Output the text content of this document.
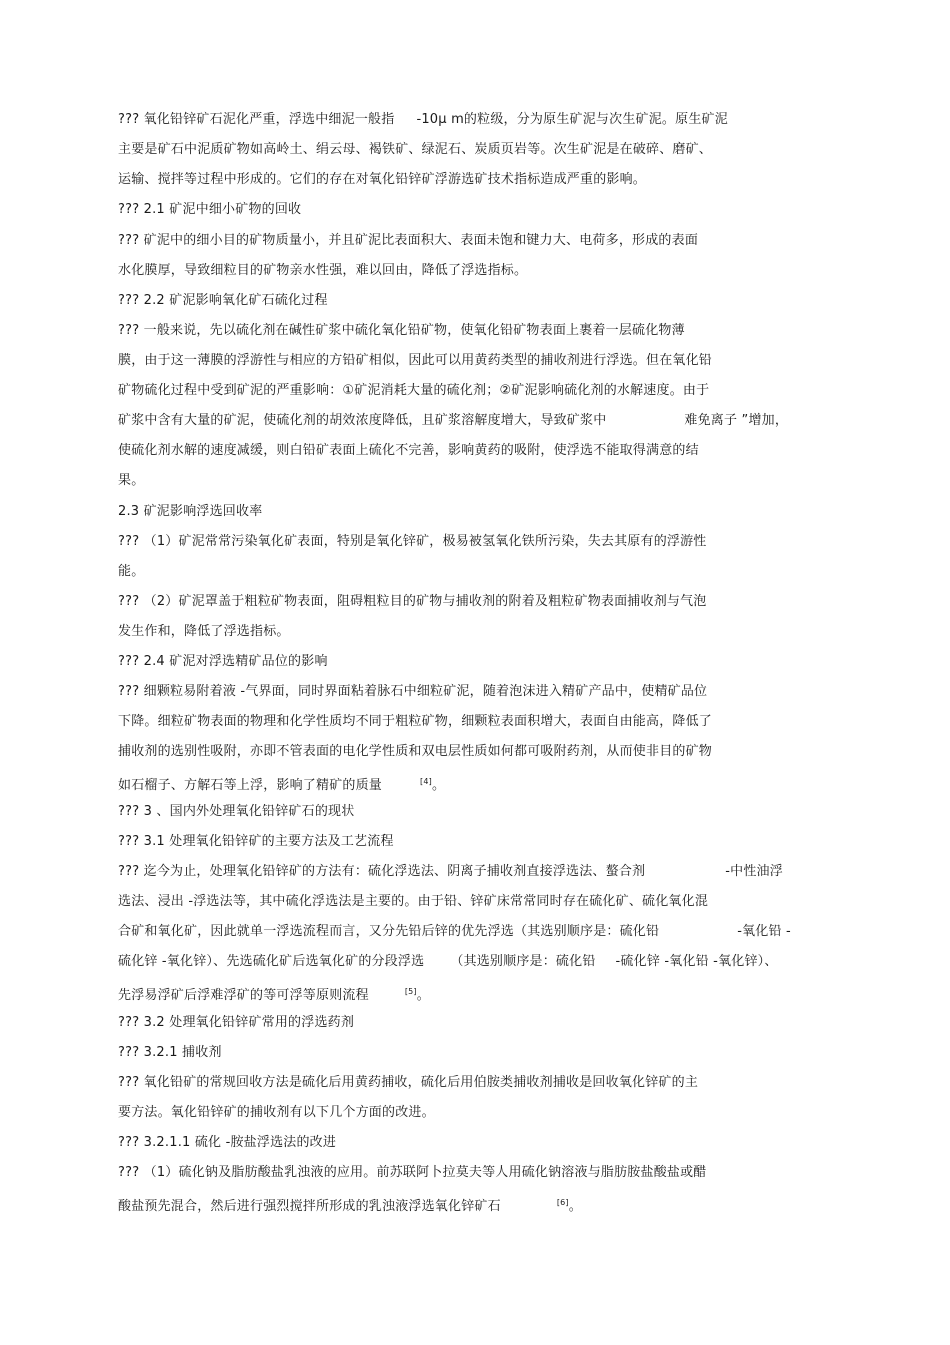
??? 氧化铅锌矿石泥化严重，浮选中细泥一般指 -10μ m的粒级，分为原生矿泥与次生矿泥。原生矿泥
主要是矿石中泥质矿物如高岭土、绢云母、褐铁矿、绿泥石、炭质页岩等。次生矿泥是在破碎、磨矿、
运输、搅拌等过程中形成的。它们的存在对氧化铅锌矿浮游选矿技术指标造成严重的影响。
??? 2.1 矿泥中细小矿物的回收
??? 矿泥中的细小目的矿物质量小，并且矿泥比表面积大、表面未饱和键力大、电荷多，形成的表面
水化膜厚，导致细粒目的矿物亲水性强，难以回由，降低了浮选指标。
??? 2.2 矿泥影响氧化矿石硫化过程
??? 一般来说，先以硫化剂在碱性矿浆中硫化氧化铅矿物，使氧化铅矿物表面上裹着一层硫化物薄
膜，由于这一薄膜的浮游性与相应的方铅矿相似，因此可以用黄药类型的捕收剂进行浮选。但在氧化铅
矿物硫化过程中受到矿泥的严重影响：①矿泥消耗大量的硫化剂；②矿泥影响硫化剂的水解速度。由于
矿浆中含有大量的矿泥，使硫化剂的胡效浓度降低，且矿浆溶解度增大，导致矿浆中	难免离子 ”增加，
使硫化剂水解的速度减缓，则白铅矿表面上硫化不完善，影响黄药的吸附，使浮选不能取得满意的结
果。
2.3 矿泥影响浮选回收率
??? （1）矿泥常常污染氧化矿表面，特别是氧化锌矿，极易被氢氧化铁所污染，失去其原有的浮游性
能。
??? （2）矿泥罩盖于粗粒矿物表面，阻碍粗粒目的矿物与捕收剂的附着及粗粒矿物表面捕收剂与气泡
发生作和，降低了浮选指标。
??? 2.4 矿泥对浮选精矿品位的影响
??? 细颗粒易附着液 -气界面，同时界面粘着脉石中细粒矿泥，随着泡沫进入精矿产品中，使精矿品位
下降。细粒矿物表面的物理和化学性质均不同于粗粒矿物，细颗粒表面积增大，表面自由能高，降低了
捕收剂的选别性吸附，亦即不管表面的电化学性质和双电层性质如何都可吸附药剂，从而使非目的矿物
如石榴子、方解石等上浮，影响了精矿的质量	[4]。
??? 3 、国内外处理氧化铅锌矿石的现状
??? 3.1 处理氧化铅锌矿的主要方法及工艺流程
??? 迄今为止，处理氧化铅锌矿的方法有：硫化浮选法、阴离子捕收剂直接浮选法、螯合剂	-中性油浮
选法、浸出 -浮选法等，其中硫化浮选法是主要的。由于铅、锌矿床常常同时存在硫化矿、硫化氧化混
合矿和氧化矿，因此就单一浮选流程而言，又分先铅后锌的优先浮选（其选别顺序是：硫化铅	-氧化铅 -
硫化锌 -氧化锌）、先选硫化矿后选氧化矿的分段浮选 （其选别顺序是：硫化铅 -硫化锌 -氧化铅 -氧化锌）、
先浮易浮矿后浮难浮矿的等可浮等原则流程	[5]。
??? 3.2 处理氧化铅锌矿常用的浮选药剂
??? 3.2.1 捕收剂
??? 氧化铅矿的常规回收方法是硫化后用黄药捕收，硫化后用伯胺类捕收剂捕收是回收氧化锌矿的主
要方法。氧化铅锌矿的捕收剂有以下几个方面的改进。
??? 3.2.1.1 硫化 -胺盐浮选法的改进
??? （1）硫化钠及脂肪酸盐乳浊液的应用。前苏联阿卜拉莫夫等人用硫化钠溶液与脂肪胺盐酸盐或醋
酸盐预先混合，然后进行强烈搅拌所形成的乳浊液浮选氧化锌矿石	[6]。
